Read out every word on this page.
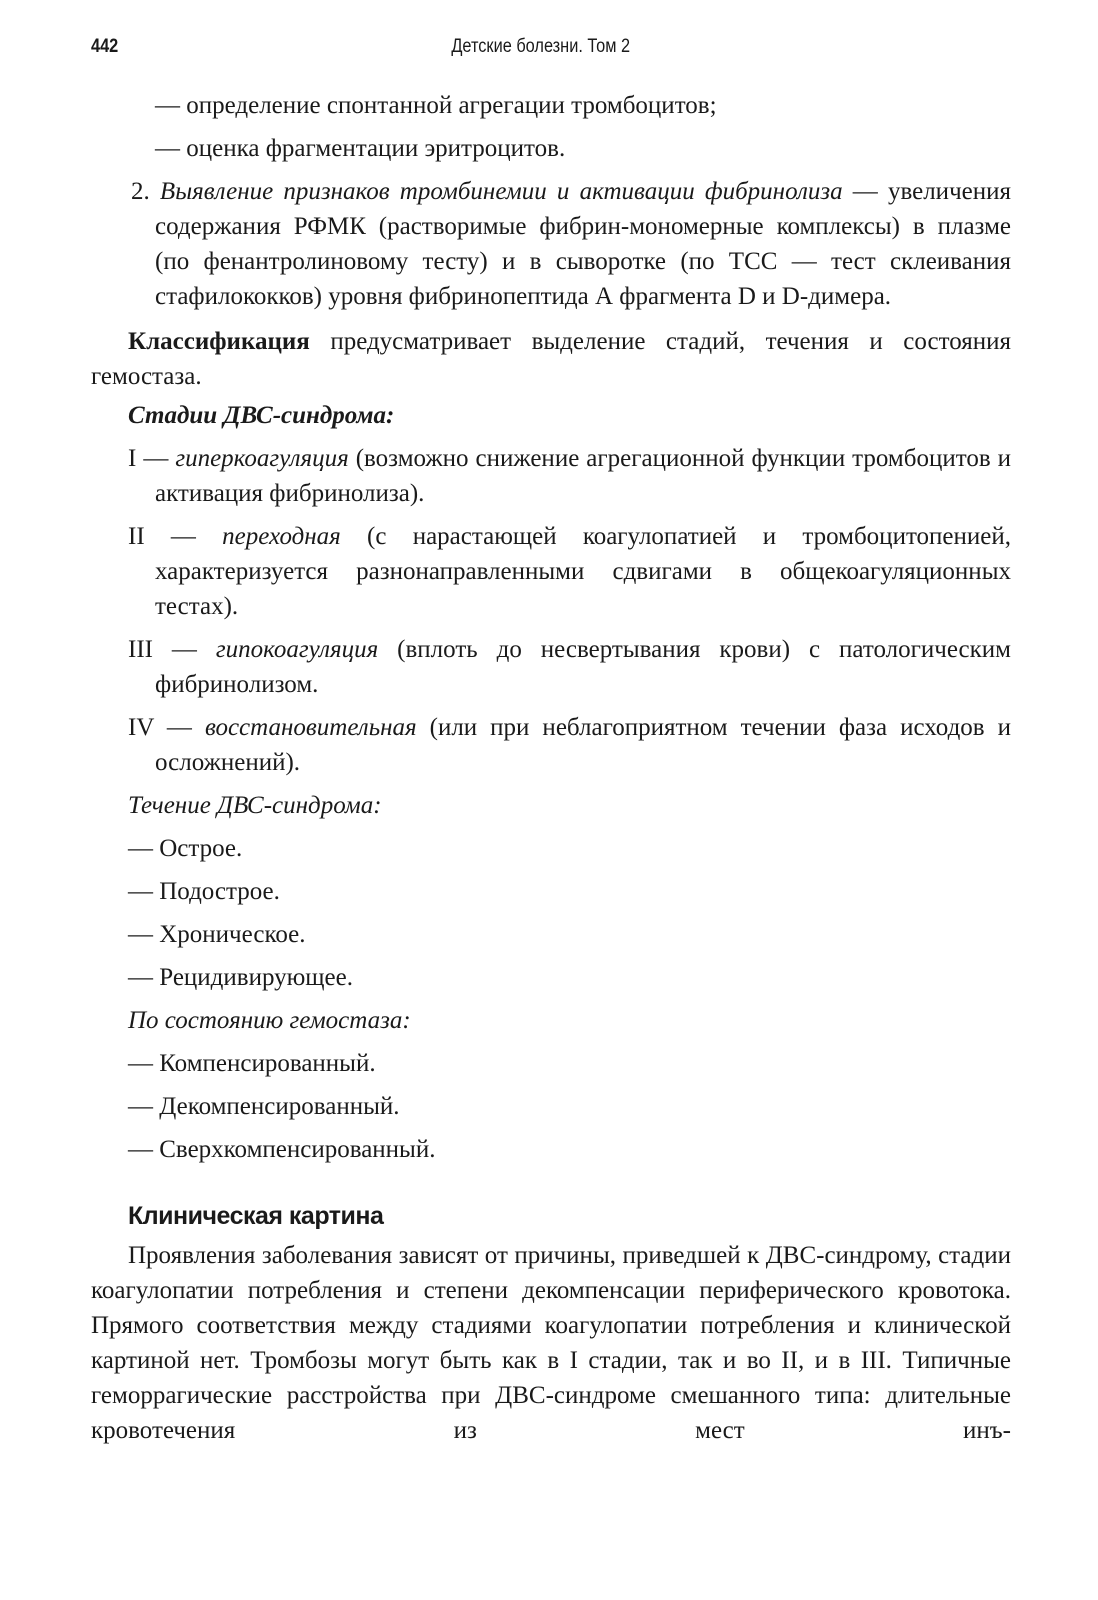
442	Детские болезни. Том 2

— определение спонтанной агрегации тромбоцитов;

— оценка фрагментации эритроцитов.

2. Выявление признаков тромбинемии и активации фибринолиза — увеличения содержания РФМК (растворимые фибрин-мономерные комплексы) в плазме (по фенантролиновому тесту) и в сыворотке (по ТСС — тест склеивания стафилококков) уровня фибринопептида А фрагмента D и D-димера.

Классификация предусматривает выделение стадий, течения и состояния гемостаза.

Стадии ДВС-синдрома:

I — гиперкоагуляция (возможно снижение агрегационной функции тромбоцитов и активация фибринолиза).

II — переходная (с нарастающей коагулопатией и тромбоцитопенией, характеризуется разнонаправленными сдвигами в общекоагуляционных тестах).

III — гипокоагуляция (вплоть до несвертывания крови) с патологическим фибринолизом.

IV — восстановительная (или при неблагоприятном течении фаза исходов и осложнений).

Течение ДВС-синдрома:

— Острое.

— Подострое.

— Хроническое.

— Рецидивирующее.

По состоянию гемостаза:

— Компенсированный.

— Декомпенсированный.

— Сверхкомпенсированный.

Клиническая картина

Проявления заболевания зависят от причины, приведшей к ДВС-синдрому, стадии коагулопатии потребления и степени декомпенсации периферического кровотока. Прямого соответствия между стадиями коагулопатии потребления и клинической картиной нет. Тромбозы могут быть как в I стадии, так и во II, и в III. Типичные геморрагические расстройства при ДВС-синдроме смешанного типа: длительные кровотечения из мест инъ-
